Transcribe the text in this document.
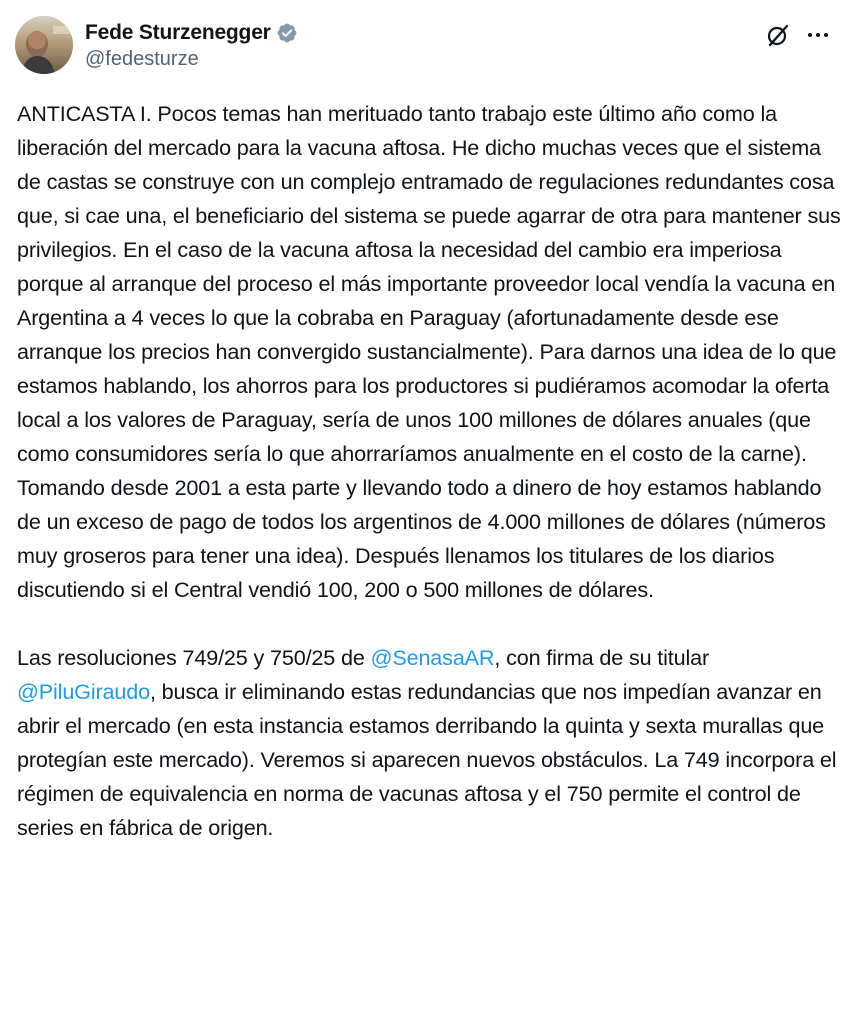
Fede Sturzenegger
@fedesturze

ANTICASTA I. Pocos temas han merituado tanto trabajo este último año como la liberación del mercado para la vacuna aftosa. He dicho muchas veces que el sistema de castas se construye con un complejo entramado de regulaciones redundantes cosa que, si cae una, el beneficiario del sistema se puede agarrar de otra para mantener sus privilegios. En el caso de la vacuna aftosa la necesidad del cambio era imperiosa porque al arranque del proceso el más importante proveedor local vendía la vacuna en Argentina a 4 veces lo que la cobraba en Paraguay (afortunadamente desde ese arranque los precios han convergido sustancialmente). Para darnos una idea de lo que estamos hablando, los ahorros para los productores si pudiéramos acomodar la oferta local a los valores de Paraguay, sería de unos 100 millones de dólares anuales (que como consumidores sería lo que ahorraríamos anualmente en el costo de la carne). Tomando desde 2001 a esta parte y llevando todo a dinero de hoy estamos hablando de un exceso de pago de todos los argentinos de 4.000 millones de dólares (números muy groseros para tener una idea). Después llenamos los titulares de los diarios discutiendo si el Central vendió 100, 200 o 500 millones de dólares.

Las resoluciones 749/25 y 750/25 de @SenasaAR, con firma de su titular @PiluGiraudo, busca ir eliminando estas redundancias que nos impedían avanzar en abrir el mercado (en esta instancia estamos derribando la quinta y sexta murallas que protegían este mercado). Veremos si aparecen nuevos obstáculos. La 749 incorpora el régimen de equivalencia en norma de vacunas aftosa y el 750 permite el control de series en fábrica de origen.
